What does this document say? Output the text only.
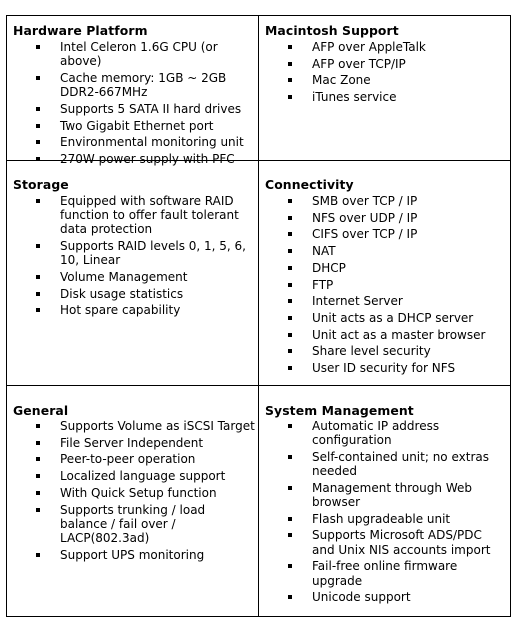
Hardware Platform
Intel Celeron 1.6G CPU (or above)
Cache memory: 1GB ~ 2GB DDR2-667MHz
Supports 5 SATA II hard drives
Two Gigabit Ethernet port
Environmental monitoring unit
270W power supply with PFC
Macintosh Support
AFP over AppleTalk
AFP over TCP/IP
Mac Zone
iTunes service
Storage
Equipped with software RAID function to offer fault tolerant data protection
Supports RAID levels 0, 1, 5, 6, 10, Linear
Volume Management
Disk usage statistics
Hot spare capability
Connectivity
SMB over TCP / IP
NFS over UDP / IP
CIFS over TCP / IP
NAT
DHCP
FTP
Internet Server
Unit acts as a DHCP server
Unit act as a master browser
Share level security
User ID security for NFS
General
Supports Volume as iSCSI Target
File Server Independent
Peer-to-peer operation
Localized language support
With Quick Setup function
Supports trunking / load balance / fail over / LACP(802.3ad)
Support UPS monitoring
System Management
Automatic IP address configuration
Self-contained unit; no extras needed
Management through Web browser
Flash upgradeable unit
Supports Microsoft ADS/PDC and Unix NIS accounts import
Fail-free online firmware upgrade
Unicode support
